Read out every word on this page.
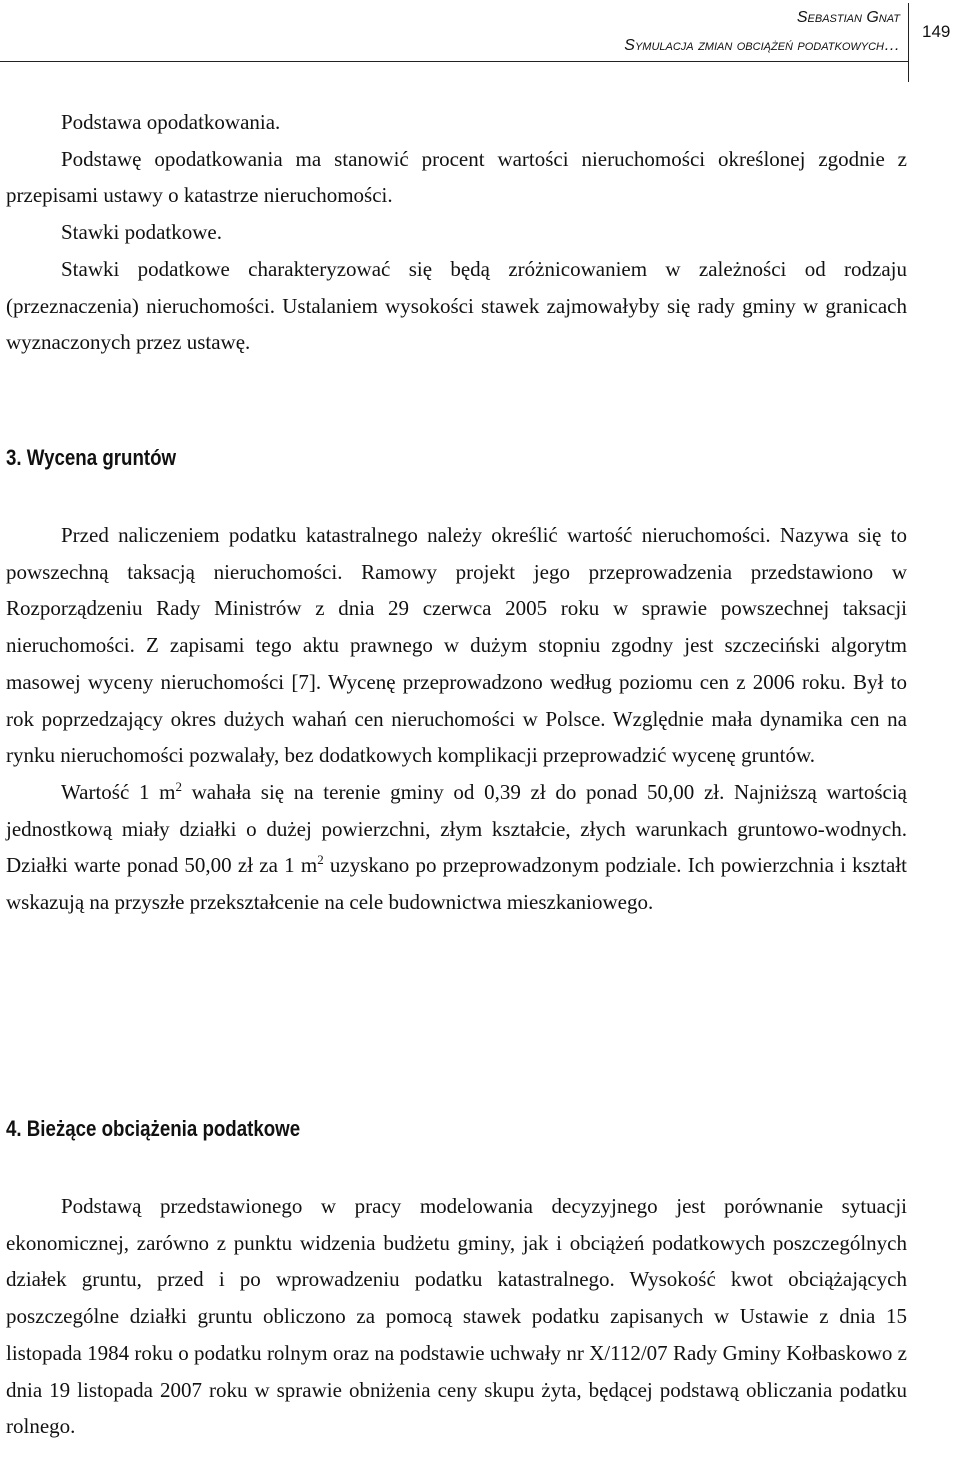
Sebastian Gnat
Symulacja zmian obciążeń podatkowych…
149

Podstawa opodatkowania.

Podstawę opodatkowania ma stanowić procent wartości nieruchomości określonej zgodnie z przepisami ustawy o katastrze nieruchomości.

Stawki podatkowe.

Stawki podatkowe charakteryzować się będą zróżnicowaniem w zależności od rodzaju (przeznaczenia) nieruchomości. Ustalaniem wysokości stawek zajmowałyby się rady gminy w granicach wyznaczonych przez ustawę.

3. Wycena gruntów

Przed naliczeniem podatku katastralnego należy określić wartość nieruchomości. Nazywa się to powszechną taksacją nieruchomości. Ramowy projekt jego przeprowadzenia przedstawiono w Rozporządzeniu Rady Ministrów z dnia 29 czerwca 2005 roku w sprawie powszechnej taksacji nieruchomości. Z zapisami tego aktu prawnego w dużym stopniu zgodny jest szczeciński algorytm masowej wyceny nieruchomości [7]. Wycenę przeprowadzono według poziomu cen z 2006 roku. Był to rok poprzedzający okres dużych wahań cen nieruchomości w Polsce. Względnie mała dynamika cen na rynku nieruchomości pozwalały, bez dodatkowych komplikacji przeprowadzić wycenę gruntów.

Wartość 1 $m^2$ wahała się na terenie gminy od 0,39 zł do ponad 50,00 zł. Najniższą wartością jednostkową miały działki o dużej powierzchni, złym kształcie, złych warunkach gruntowo-wodnych. Działki warte ponad 50,00 zł za 1 $m^2$ uzyskano po przeprowadzonym podziale. Ich powierzchnia i kształt wskazują na przyszłe przekształcenie na cele budownictwa mieszkaniowego.

4. Bieżące obciążenia podatkowe

Podstawą przedstawionego w pracy modelowania decyzyjnego jest porównanie sytuacji ekonomicznej, zarówno z punktu widzenia budżetu gminy, jak i obciążeń podatkowych poszczególnych działek gruntu, przed i po wprowadzeniu podatku katastralnego. Wysokość kwot obciążających poszczególne działki gruntu obliczono za pomocą stawek podatku zapisanych w Ustawie z dnia 15 listopada 1984 roku o podatku rolnym oraz na podstawie uchwały nr X/112/07 Rady Gminy Kołbaskowo z dnia 19 listopada 2007 roku w sprawie obniżenia ceny skupu żyta, będącej podstawą obliczania podatku rolnego.
